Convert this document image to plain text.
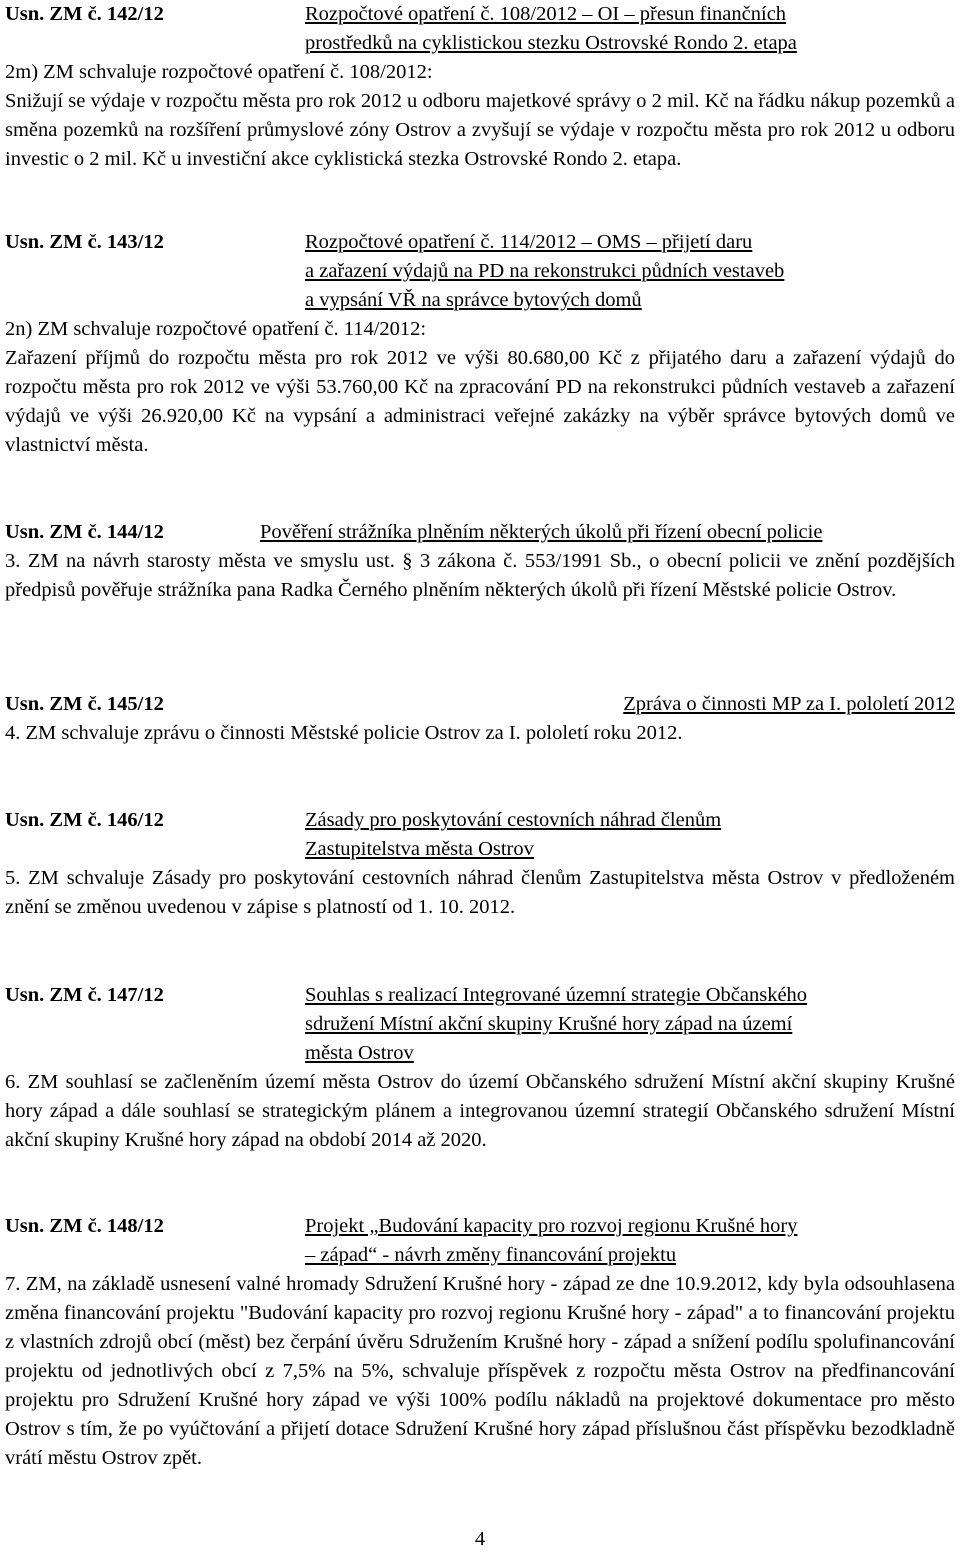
Usn. ZM č. 142/12	Rozpočtové opatření č. 108/2012 – OI – přesun finančních
prostředků na cyklistickou stezku Ostrovské Rondo 2. etapa

2m) ZM schvaluje rozpočtové opatření č. 108/2012:

Snižují se výdaje v rozpočtu města pro rok 2012 u odboru majetkové správy o 2 mil. Kč na řádku nákup pozemků a směna pozemků na rozšíření průmyslové zóny Ostrov a zvyšují se výdaje v rozpočtu města pro rok 2012 u odboru investic o 2 mil. Kč u investiční akce cyklistická stezka Ostrovské Rondo 2. etapa.

Usn. ZM č. 143/12	Rozpočtové opatření č. 114/2012 – OMS – přijetí daru
a zařazení výdajů na PD na rekonstrukci půdních vestaveb
a vypsání VŘ na správce bytových domů

2n) ZM schvaluje rozpočtové opatření č. 114/2012:

Zařazení příjmů do rozpočtu města pro rok 2012 ve výši 80.680,00 Kč z přijatého daru a zařazení výdajů do rozpočtu města pro rok 2012 ve výši 53.760,00 Kč na zpracování PD na rekonstrukci půdních vestaveb a zařazení výdajů ve výši 26.920,00 Kč na vypsání a administraci veřejné zakázky na výběr správce bytových domů ve vlastnictví města.

Usn. ZM č. 144/12	Pověření strážníka plněním některých úkolů při řízení obecní policie

3. ZM na návrh starosty města ve smyslu ust. § 3 zákona č. 553/1991 Sb., o obecní policii ve znění pozdějších předpisů pověřuje strážníka pana Radka Černého plněním některých úkolů při řízení Městské policie Ostrov.

Usn. ZM č. 145/12	Zpráva o činnosti MP za I. pololetí 2012

4. ZM schvaluje zprávu o činnosti Městské policie Ostrov za I. pololetí roku 2012.

Usn. ZM č. 146/12	Zásady pro poskytování cestovních náhrad členům
Zastupitelstva města Ostrov

5. ZM schvaluje Zásady pro poskytování cestovních náhrad členům Zastupitelstva města Ostrov v předloženém znění se změnou uvedenou v zápise s platností od 1. 10. 2012.

Usn. ZM č. 147/12	Souhlas s realizací Integrované územní strategie Občanského
sdružení Místní akční skupiny Krušné hory západ na území
města Ostrov

6. ZM souhlasí se začleněním území města Ostrov do území Občanského sdružení Místní akční skupiny Krušné hory západ a dále souhlasí se strategickým plánem a integrovanou územní strategií Občanského sdružení Místní akční skupiny Krušné hory západ na období 2014 až 2020.

Usn. ZM č. 148/12	Projekt „Budování kapacity pro rozvoj regionu Krušné hory
– západ“ - návrh změny financování projektu

7. ZM, na základě usnesení valné hromady Sdružení Krušné hory - západ ze dne 10.9.2012, kdy byla odsouhlasena změna financování projektu "Budování kapacity pro rozvoj regionu Krušné hory - západ" a to financování projektu z vlastních zdrojů obcí (měst) bez čerpání úvěru Sdružením Krušné hory - západ a snížení podílu spolufinancování projektu od jednotlivých obcí z 7,5% na 5%, schvaluje příspěvek z rozpočtu města Ostrov na předfinancování projektu pro Sdružení Krušné hory západ ve výši 100% podílu nákladů na projektové dokumentace pro město Ostrov s tím, že po vyúčtování a přijetí dotace Sdružení Krušné hory západ příslušnou část příspěvku bezodkladně vrátí městu Ostrov zpět.

4
